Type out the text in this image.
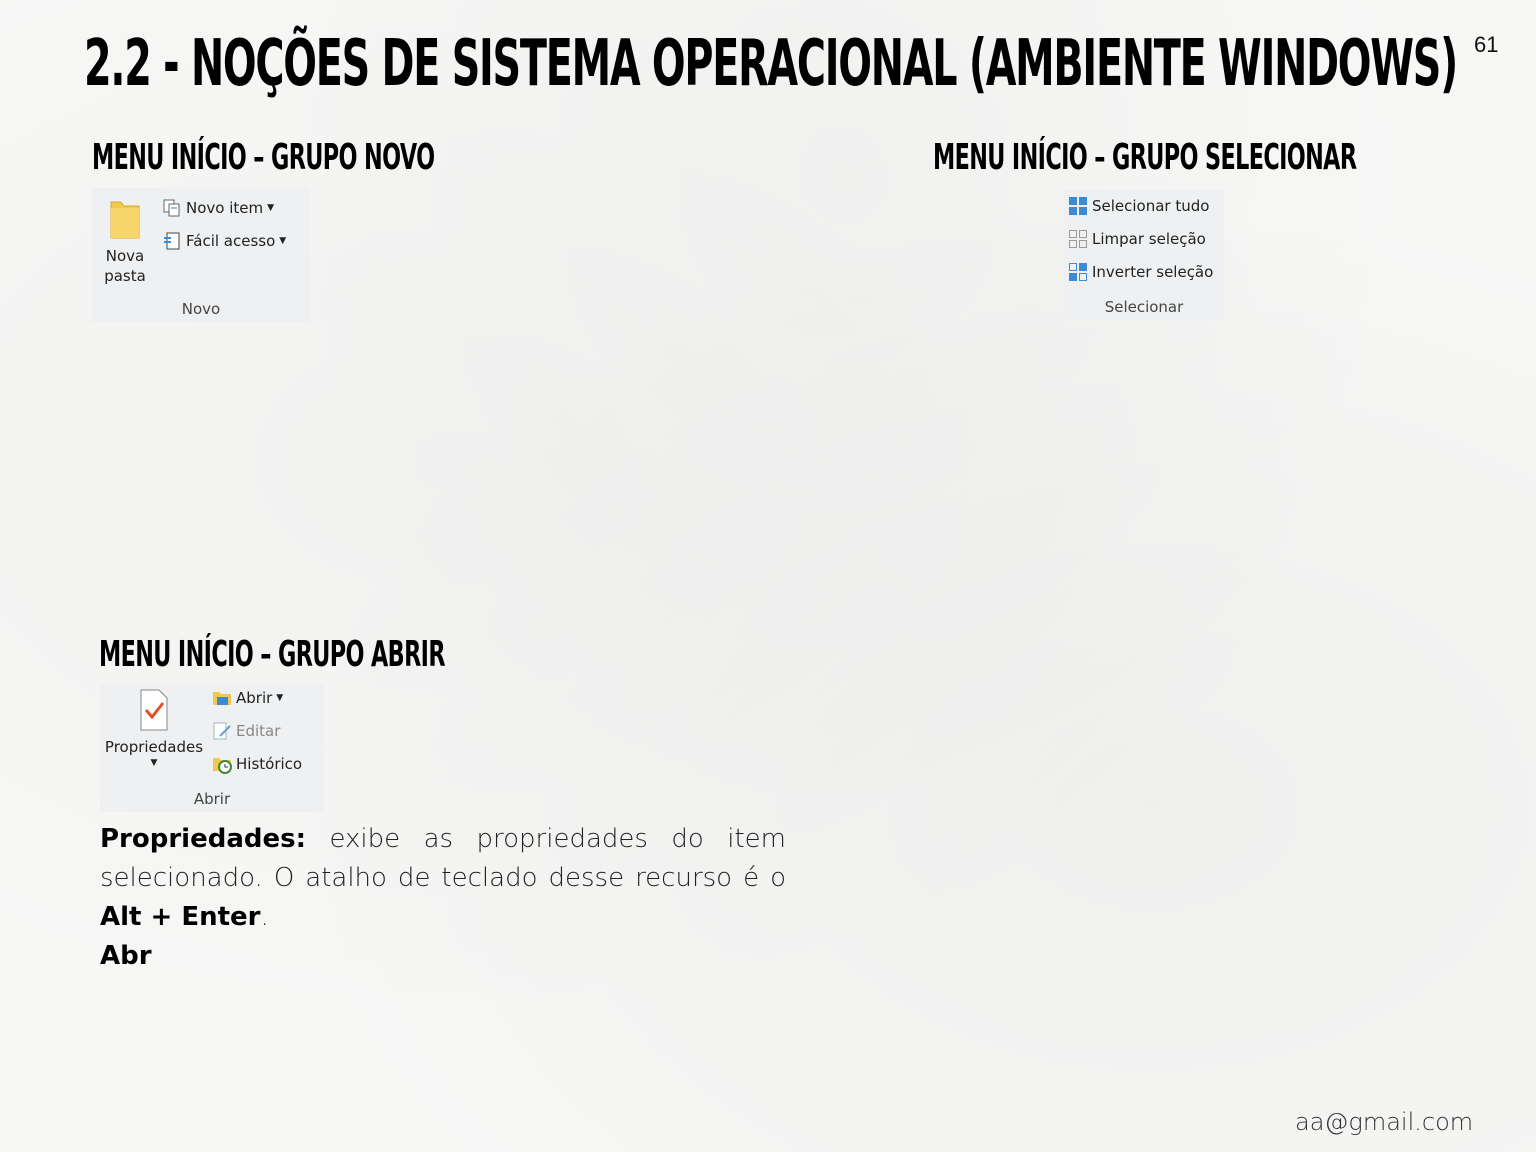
2.2 - NOÇÕES DE SISTEMA OPERACIONAL (AMBIENTE WINDOWS) 61
MENU INÍCIO – GRUPO NOVO
Nova pasta
Novo item ▼
Fácil acesso ▼
Novo
MENU INÍCIO – GRUPO SELECIONAR
Selecionar tudo
Limpar seleção
Inverter seleção
Selecionar
MENU INÍCIO – GRUPO ABRIR
Propriedades
▼
Abrir ▼
Editar
Histórico
Abrir
Propriedades: exibe as propriedades do item selecionado. O atalho de teclado desse recurso é o Alt + Enter.
Abr
aa@gmail.com
